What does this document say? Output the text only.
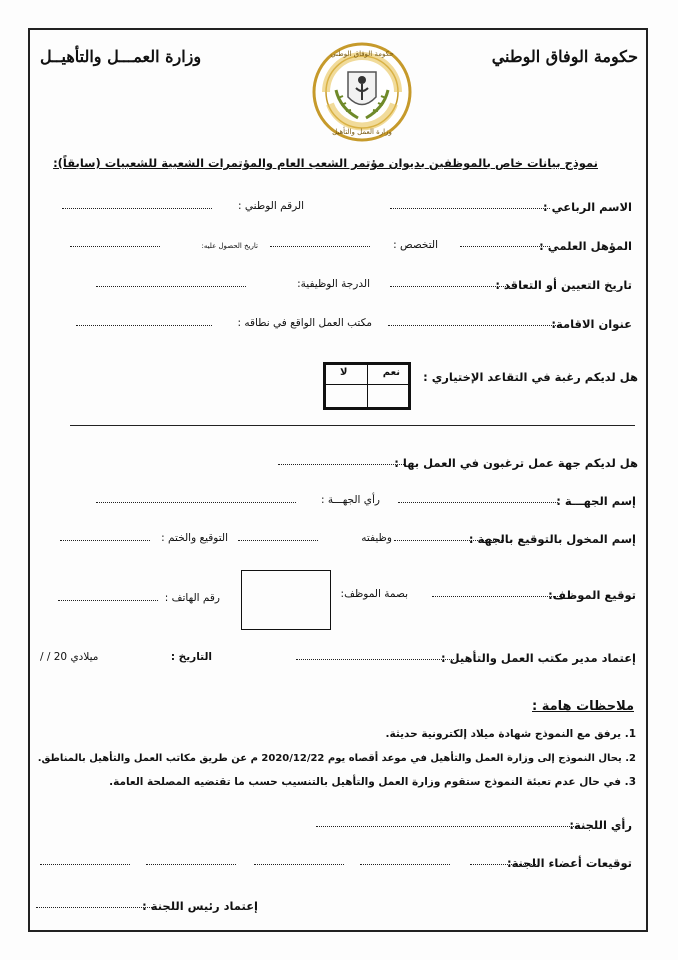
حكومة الوفاق الوطني
وزارة العمـــل والتأهيــل	حكومة الوفاق الوطني
وزارة العمل والتأهيل
نموذج بيانات خاص بالموظفين بديوان مؤتمر الشعب العام والمؤتمرات الشعبية للشعبيات (سابقاً):
الاسم الرباعي :
الرقم الوطني :
المؤهل العلمي :
التخصص :
تاريخ الحصول عليه:
تاريخ التعيين أو التعاقد :
الدرجة الوظيفية:
عنوان الاقامة:
مكتب العمل الواقع في نطاقه :
هل لديكم رغبة في التقاعد الإختياري :
نعم
لا
هل لديكم جهة عمل ترغبون في العمل بها :
إسم الجهـــة :
رأي الجهـــة :
إسم المخول بالتوقيع بالجهة :
وظيفته
التوقيع والختم :
توقيع الموظف:
بصمة الموظف:
رقم الهاتف :
إعتماد مدير مكتب العمل والتأهيل :
التاريخ :
/ / 20 ميلادي
ملاحظات هامة :
1. يرفق مع النموذج شهادة ميلاد إلكترونية حديثة.
2. يحال النموذج إلى وزارة العمل والتأهيل في موعد أقصاه يوم 2020/12/22 م عن طريق مكاتب العمل والتأهيل بالمناطق.
3. في حال عدم تعبئة النموذج ستقوم وزارة العمل والتأهيل بالتنسيب حسب ما تقتضيه المصلحة العامة.
رأي اللجنة:
توقيعات أعضاء اللجنة:
إعتماد رئيس اللجنة :
